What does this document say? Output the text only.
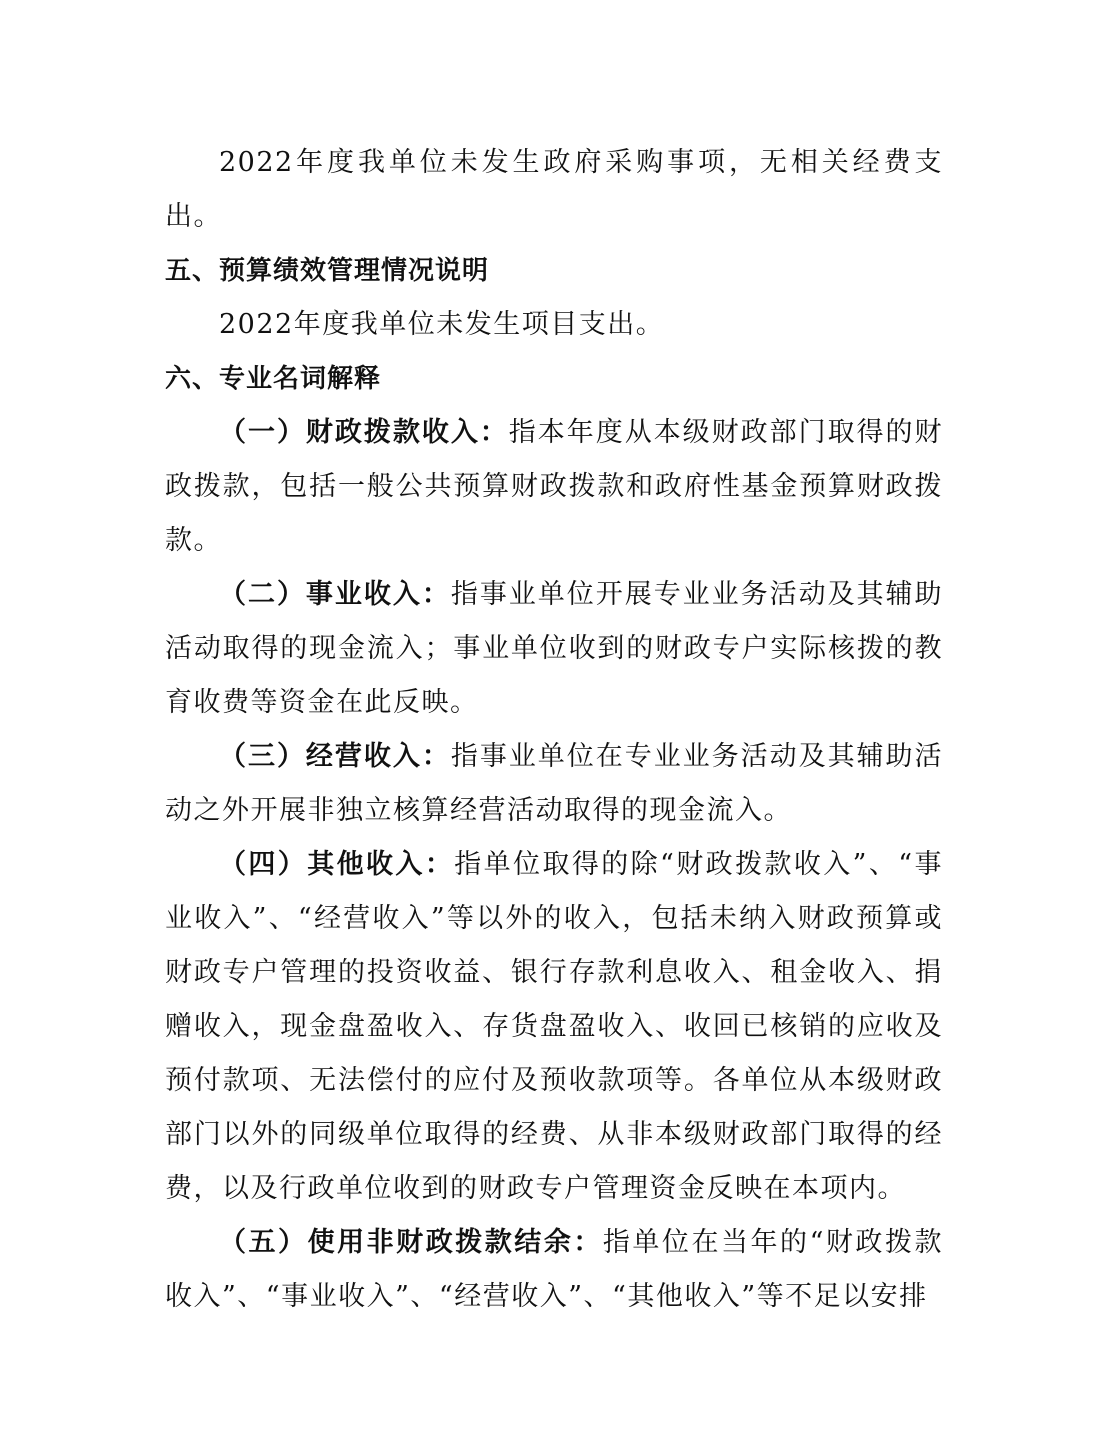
2022年度我单位未发生政府采购事项，无相关经费支出。

五、预算绩效管理情况说明

2022年度我单位未发生项目支出。

六、专业名词解释

（一）财政拨款收入：指本年度从本级财政部门取得的财政拨款，包括一般公共预算财政拨款和政府性基金预算财政拨款。

（二）事业收入：指事业单位开展专业业务活动及其辅助活动取得的现金流入；事业单位收到的财政专户实际核拨的教育收费等资金在此反映。

（三）经营收入：指事业单位在专业业务活动及其辅助活动之外开展非独立核算经营活动取得的现金流入。

（四）其他收入：指单位取得的除“财政拨款收入”、“事业收入”、“经营收入”等以外的收入，包括未纳入财政预算或财政专户管理的投资收益、银行存款利息收入、租金收入、捐赠收入，现金盘盈收入、存货盘盈收入、收回已核销的应收及预付款项、无法偿付的应付及预收款项等。各单位从本级财政部门以外的同级单位取得的经费、从非本级财政部门取得的经费，以及行政单位收到的财政专户管理资金反映在本项内。

（五）使用非财政拨款结余：指单位在当年的“财政拨款收入”、“事业收入”、“经营收入”、“其他收入”等不足以安排
